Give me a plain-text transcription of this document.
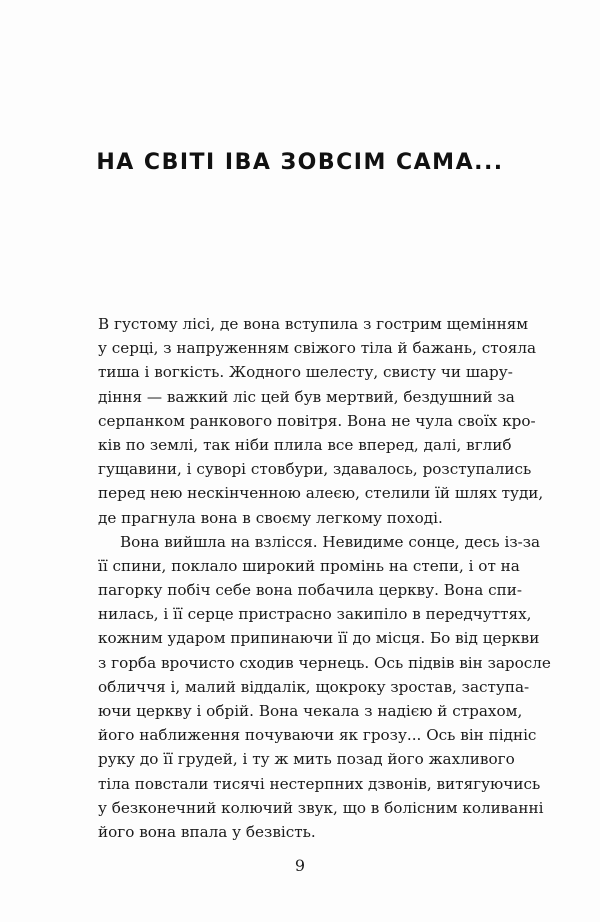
НА СВІТІ ІВА ЗОВСІМ САМА...
В густому лісі, де вона вступила з гострим щемінням
у серці, з напруженням свіжого тіла й бажань, стояла
тиша і вогкість. Жодного шелесту, свисту чи шару-
діння — важкий ліс цей був мертвий, бездушний за
серпанком ранкового повітря. Вона не чула своїх кро-
ків по землі, так ніби плила все вперед, далі, вглиб
гущавини, і суворі стовбури, здавалось, розступались
перед нею нескінченною алеєю, стелили їй шлях туди,
де прагнула вона в своєму легкому поході.
Вона вийшла на взлісся. Невидиме сонце, десь із-за
її спини, поклало широкий промінь на степи, і от на
пагорку побіч себе вона побачила церкву. Вона спи-
нилась, і її серце пристрасно закипіло в передчуттях,
кожним ударом припинаючи її до місця. Бо від церкви
з горба врочисто сходив чернець. Ось підвів він заросле
обличчя і, малий віддалік, щокроку зростав, заступа-
ючи церкву і обрій. Вона чекала з надією й страхом,
його наближення почуваючи як грозу... Ось він підніс
руку до її грудей, і ту ж мить позад його жахливого
тіла повстали тисячі нестерпних дзвонів, витягуючись
у безконечний колючий звук, що в болісним коливанні
його вона впала у безвість.
9
